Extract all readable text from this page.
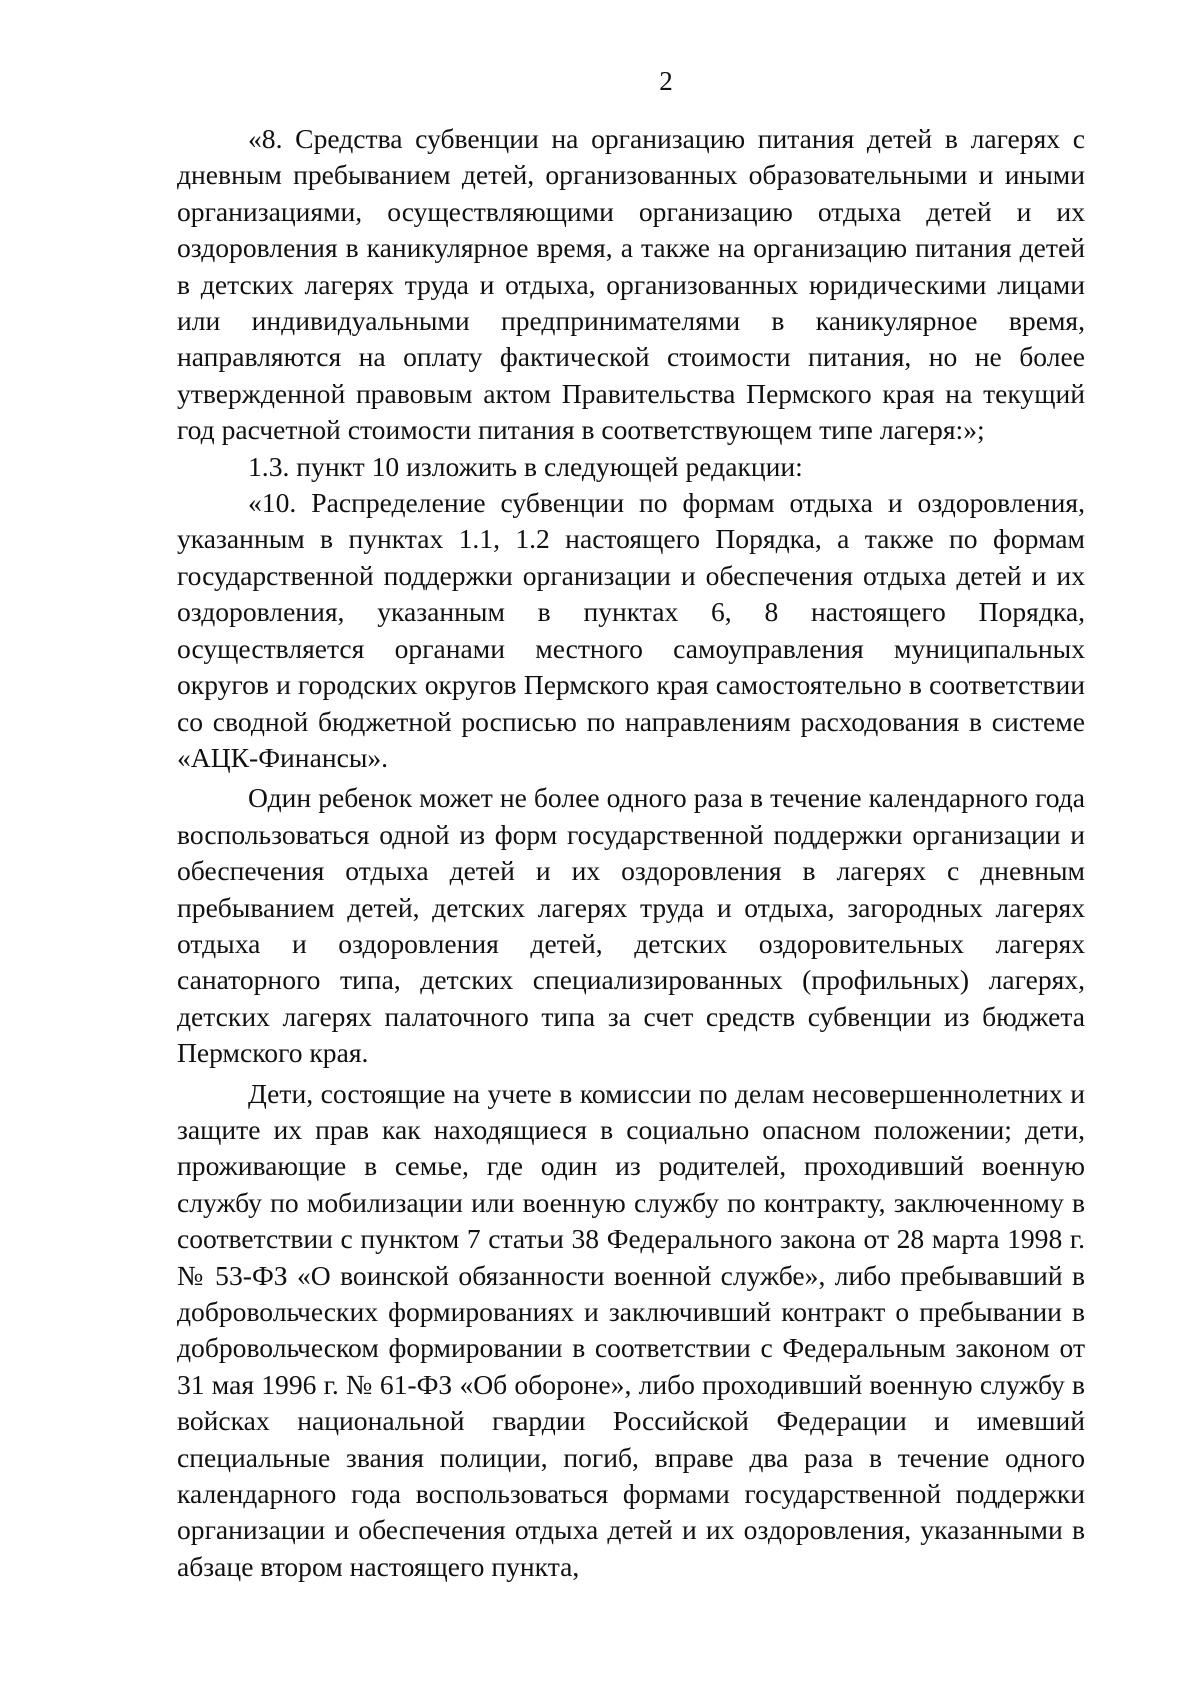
2

«8. Средства субвенции на организацию питания детей в лагерях с дневным пребыванием детей, организованных образовательными и иными организациями, осуществляющими организацию отдыха детей и их оздоровления в каникулярное время, а также на организацию питания детей в детских лагерях труда и отдыха, организованных юридическими лицами или индивидуальными предпринимателями в каникулярное время, направляются на оплату фактической стоимости питания, но не более утвержденной правовым актом Правительства Пермского края на текущий год расчетной стоимости питания в соответствующем типе лагеря:»;

1.3. пункт 10 изложить в следующей редакции:

«10. Распределение субвенции по формам отдыха и оздоровления, указанным в пунктах 1.1, 1.2 настоящего Порядка, а также по формам государственной поддержки организации и обеспечения отдыха детей и их оздоровления, указанным в пунктах 6, 8 настоящего Порядка, осуществляется органами местного самоуправления муниципальных округов и городских округов Пермского края самостоятельно в соответствии со сводной бюджетной росписью по направлениям расходования в системе «АЦК-Финансы».

Один ребенок может не более одного раза в течение календарного года воспользоваться одной из форм государственной поддержки организации и обеспечения отдыха детей и их оздоровления в лагерях с дневным пребыванием детей, детских лагерях труда и отдыха, загородных лагерях отдыха и оздоровления детей, детских оздоровительных лагерях санаторного типа, детских специализированных (профильных) лагерях, детских лагерях палаточного типа за счет средств субвенции из бюджета Пермского края.

Дети, состоящие на учете в комиссии по делам несовершеннолетних и защите их прав как находящиеся в социально опасном положении; дети, проживающие в семье, где один из родителей, проходивший военную службу по мобилизации или военную службу по контракту, заключенному в соответствии с пунктом 7 статьи 38 Федерального закона от 28 марта 1998 г. № 53-ФЗ «О воинской обязанности военной службе», либо пребывавший в добровольческих формированиях и заключивший контракт о пребывании в добровольческом формировании в соответствии с Федеральным законом от 31 мая 1996 г. № 61-ФЗ «Об обороне», либо проходивший военную службу в войсках национальной гвардии Российской Федерации и имевший специальные звания полиции, погиб, вправе два раза в течение одного календарного года воспользоваться формами государственной поддержки организации и обеспечения отдыха детей и их оздоровления, указанными в абзаце втором настоящего пункта,
